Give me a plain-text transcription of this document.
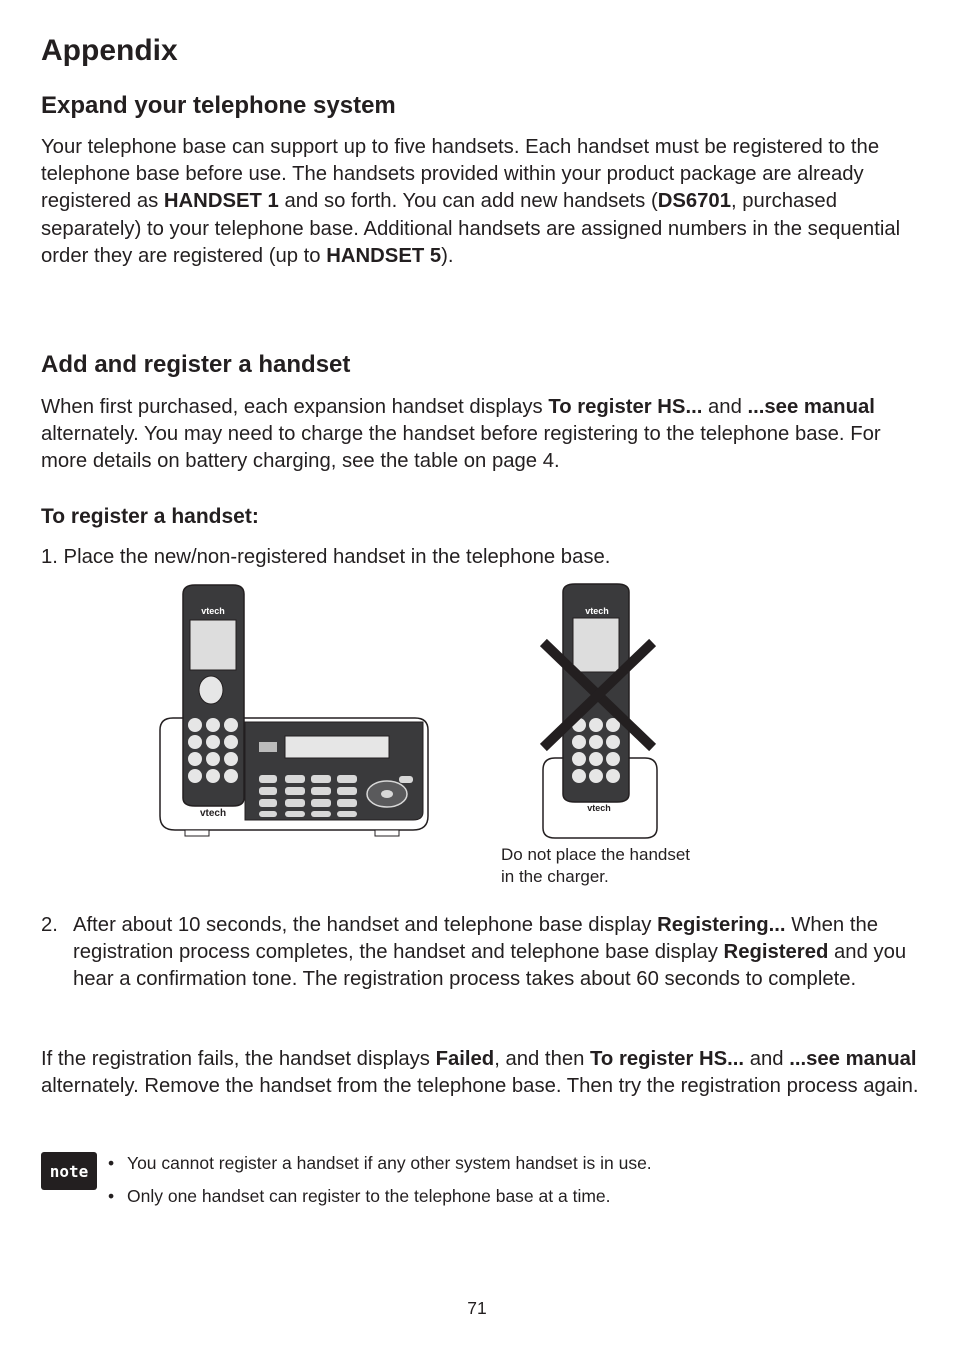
Appendix
Expand your telephone system

Your telephone base can support up to five handsets. Each handset must be registered to the telephone base before use. The handsets provided within your product package are already registered as HANDSET 1 and so forth. You can add new handsets (DS6701, purchased separately) to your telephone base. Additional handsets are assigned numbers in the sequential order they are registered (up to HANDSET 5).

Add and register a handset

When first purchased, each expansion handset displays To register HS... and ...see manual alternately. You may need to charge the handset before registering to the telephone base. For more details on battery charging, see the table on page 4.

To register a handset:
1. Place the new/non-registered handset in the telephone base.
vtech
vtech
vtech
vtech
Do not place the handset
in the charger.
2. After about 10 seconds, the handset and telephone base display Registering... When the registration process completes, the handset and telephone base display Registered and you hear a confirmation tone. The registration process takes about 60 seconds to complete.

If the registration fails, the handset displays Failed, and then To register HS... and ...see manual alternately. Remove the handset from the telephone base. Then try the registration process again.

note	• You cannot register a handset if any other system handset is in use.
• Only one handset can register to the telephone base at a time.
71
